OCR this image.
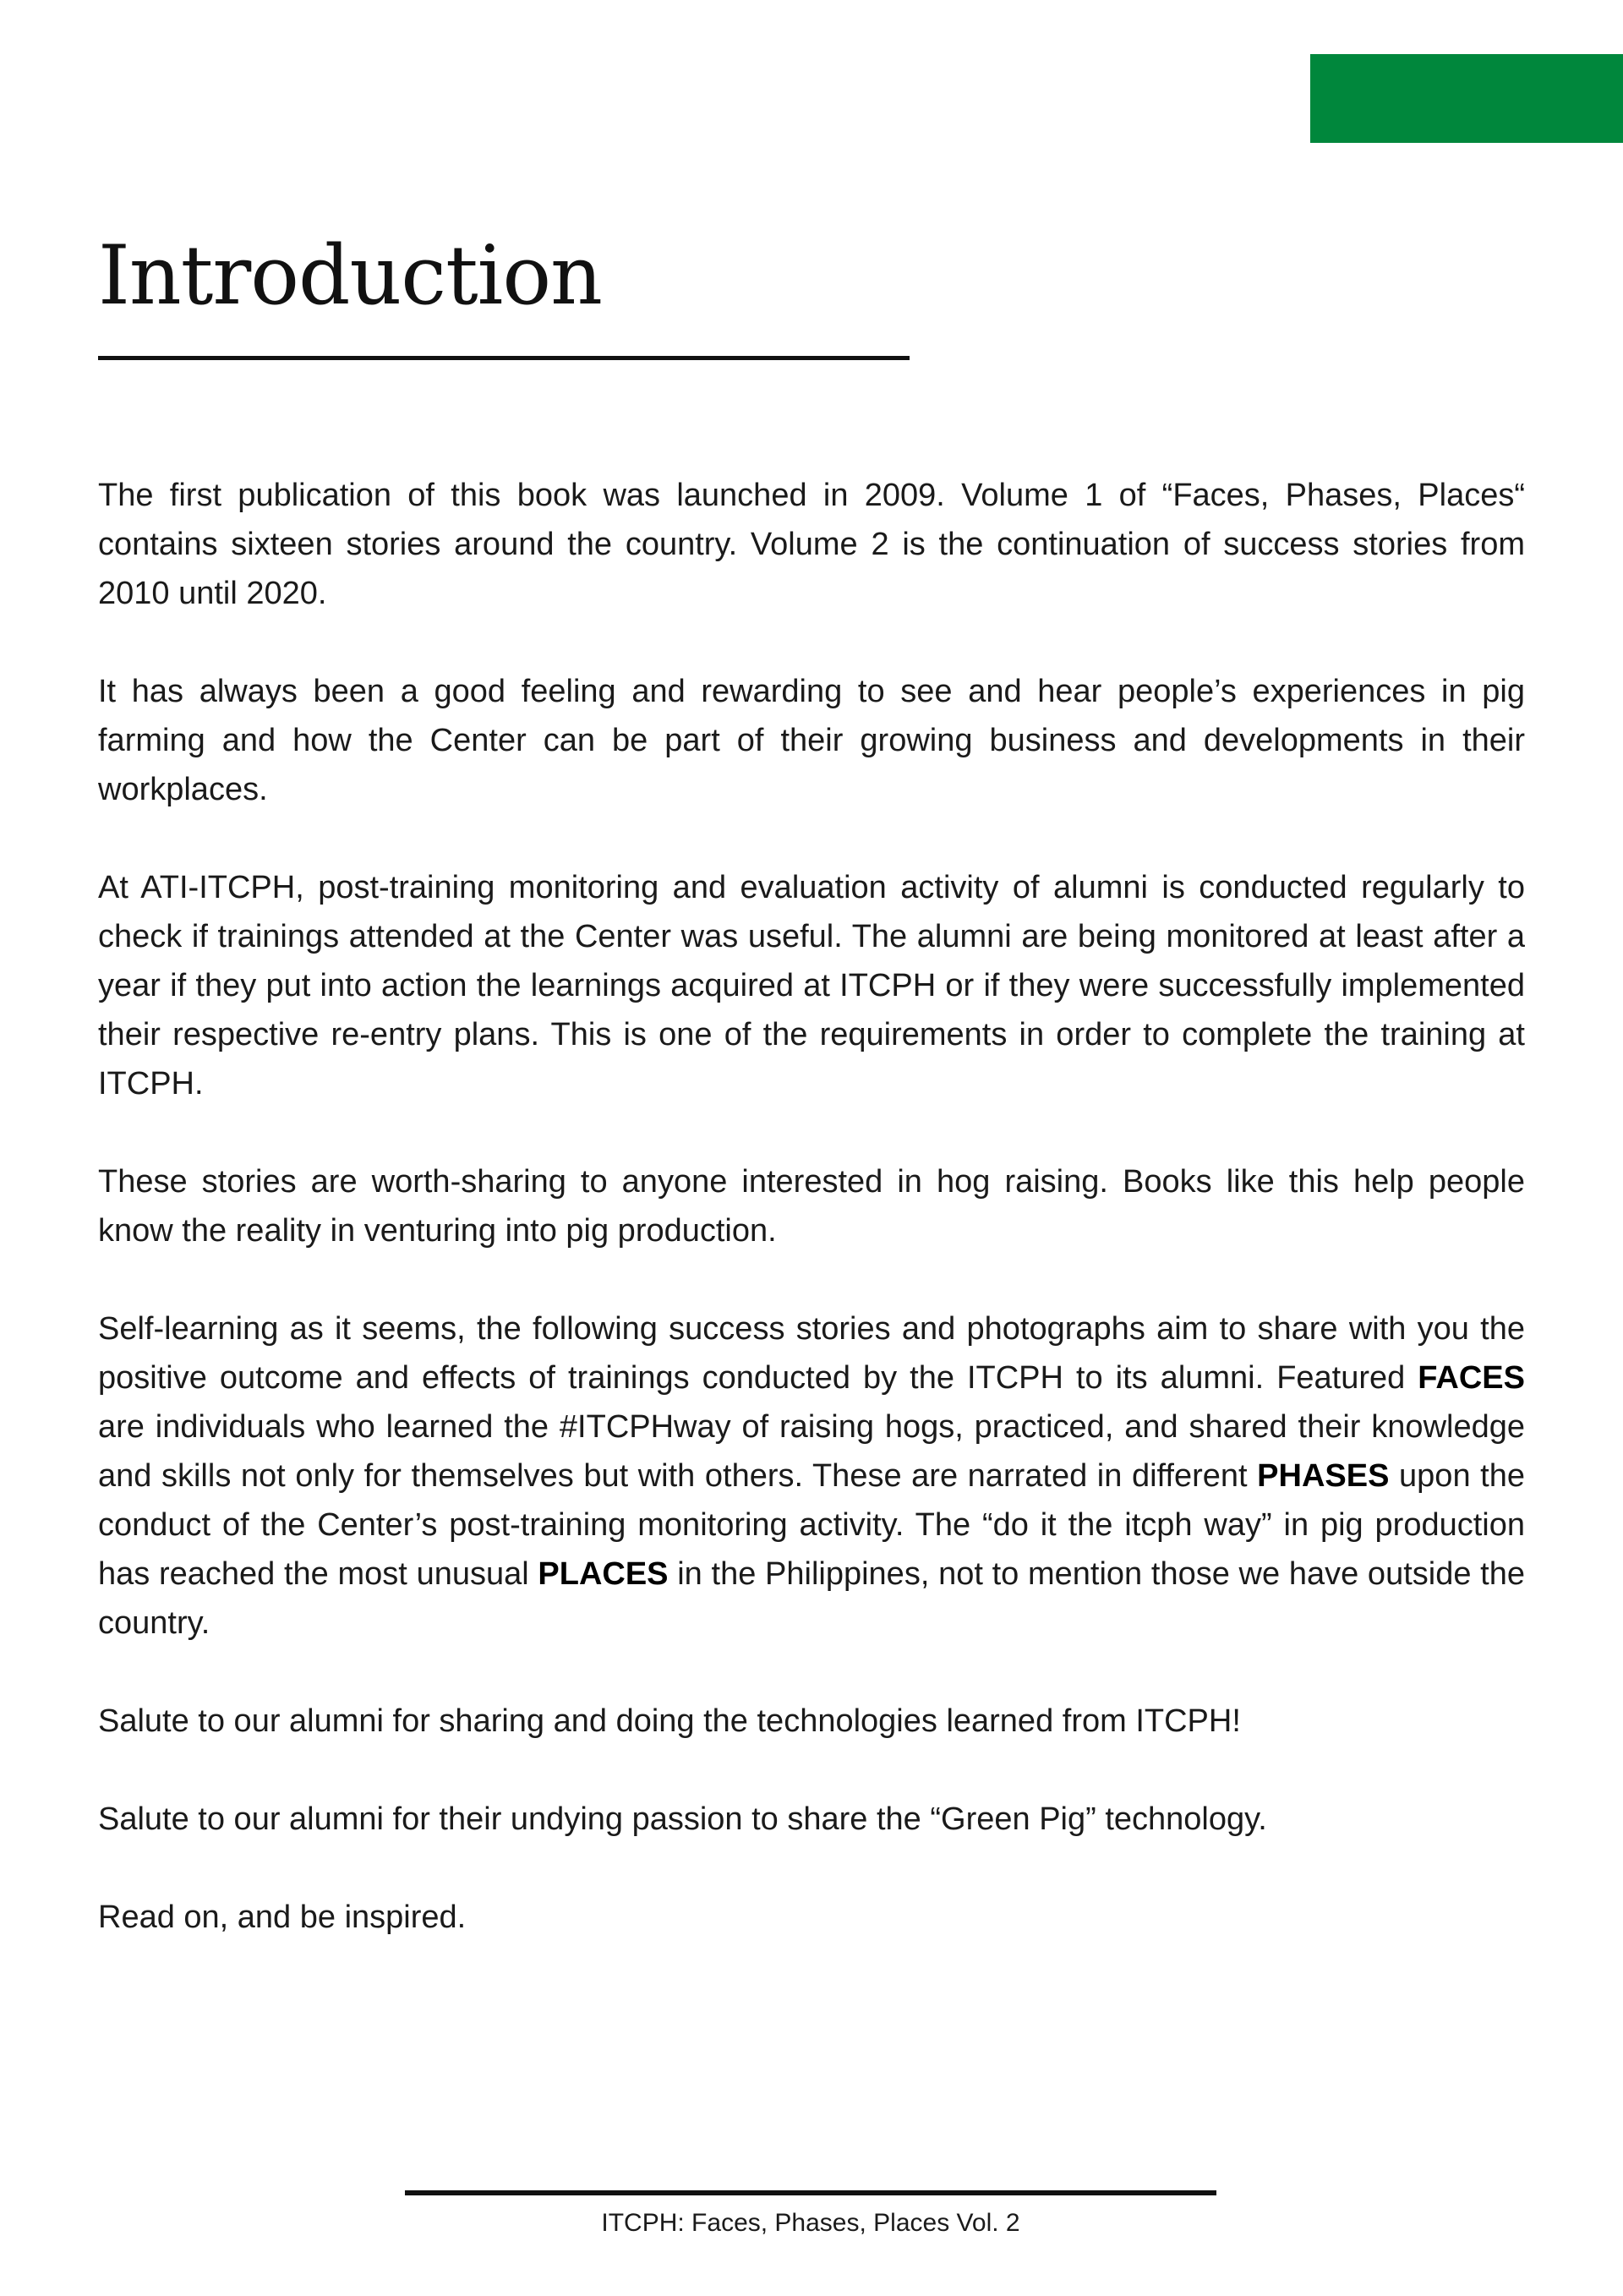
Introduction

The first publication of this book was launched in 2009. Volume 1 of “Faces, Phases, Places“ contains sixteen stories around the country. Volume 2 is the continuation of success stories from 2010 until 2020.

It has always been a good feeling and rewarding to see and hear people’s experiences in pig farming and how the Center can be part of their growing business and developments in their workplaces.

At ATI-ITCPH, post-training monitoring and evaluation activity of alumni is conducted regularly to check if trainings attended at the Center was useful. The alumni are being monitored at least after a year if they put into action the learnings acquired at ITCPH or if they were successfully implemented their respective re-entry plans. This is one of the requirements in order to complete the training at ITCPH.

These stories are worth-sharing to anyone interested in hog raising. Books like this help people know the reality in venturing into pig production.

Self-learning as it seems, the following success stories and photographs aim to share with you the positive outcome and effects of trainings conducted by the ITCPH to its alumni. Featured FACES are individuals who learned the #ITCPHway of raising hogs, practiced, and shared their knowledge and skills not only for themselves but with others. These are narrated in different PHASES upon the conduct of the Center’s post-training monitoring activity. The “do it the itcph way” in pig production has reached the most unusual PLACES in the Philippines, not to mention those we have outside the country.

Salute to our alumni for sharing and doing the technologies learned from ITCPH!

Salute to our alumni for their undying passion to share the “Green Pig” technology.

Read on, and be inspired.

ITCPH: Faces, Phases, Places Vol. 2
